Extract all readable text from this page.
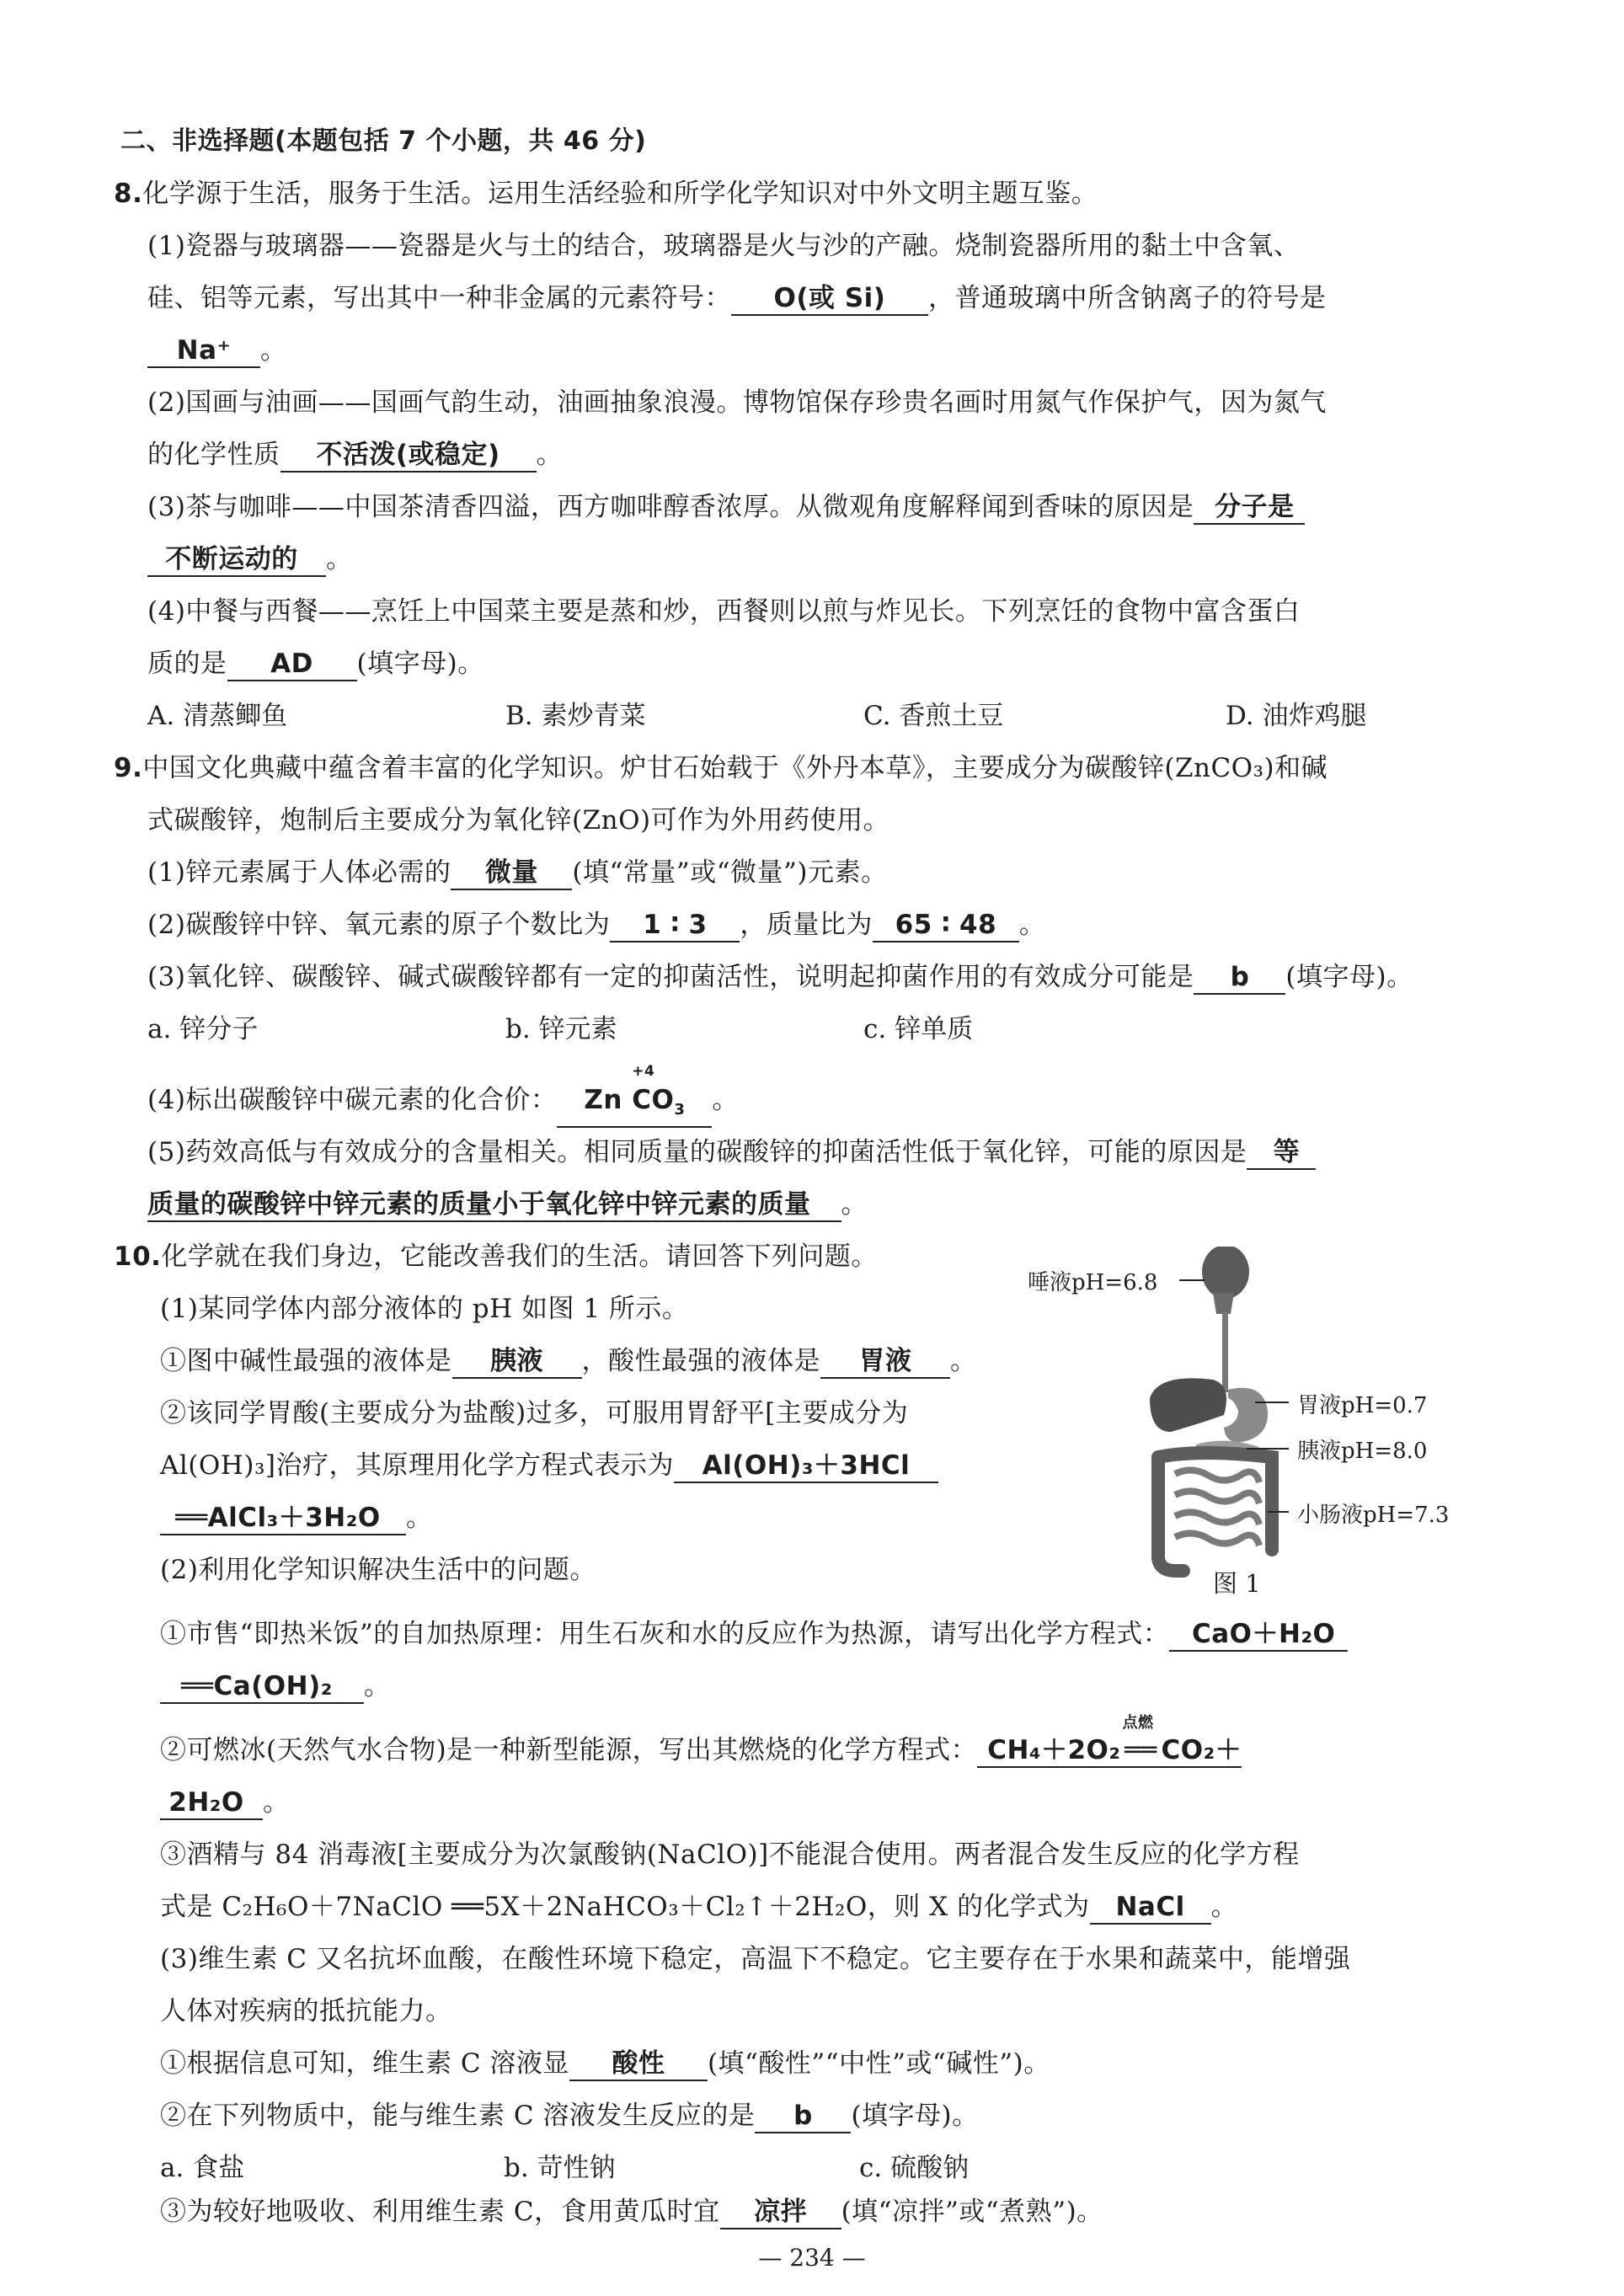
二、非选择题(本题包括 7 个小题，共 46 分)
8.化学源于生活，服务于生活。运用生活经验和所学化学知识对中外文明主题互鉴。
(1)瓷器与玻璃器——瓷器是火与土的结合，玻璃器是火与沙的产融。烧制瓷器所用的黏土中含氧、
硅、铝等元素，写出其中一种非金属的元素符号： O(或 Si) ，普通玻璃中所含钠离子的符号是
Na⁺ 。
(2)国画与油画——国画气韵生动，油画抽象浪漫。博物馆保存珍贵名画时用氮气作保护气，因为氮气
的化学性质 不活泼(或稳定) 。
(3)茶与咖啡——中国茶清香四溢，西方咖啡醇香浓厚。从微观角度解释闻到香味的原因是 分子是
不断运动的 。
(4)中餐与西餐——烹饪上中国菜主要是蒸和炒，西餐则以煎与炸见长。下列烹饪的食物中富含蛋白
质的是 AD (填字母)。
A. 清蒸鲫鱼	B. 素炒青菜	C. 香煎土豆	D. 油炸鸡腿
9.中国文化典藏中蕴含着丰富的化学知识。炉甘石始载于《外丹本草》，主要成分为碳酸锌(ZnCO₃)和碱
式碳酸锌，炮制后主要成分为氧化锌(ZnO)可作为外用药使用。
(1)锌元素属于人体必需的 微量 (填“常量”或“微量”)元素。
(2)碳酸锌中锌、氧元素的原子个数比为 1 ∶ 3 ，质量比为 65 ∶ 48 。
(3)氧化锌、碳酸锌、碱式碳酸锌都有一定的抑菌活性，说明起抑菌作用的有效成分可能是 b (填字母)。
a. 锌分子	b. 锌元素	c. 锌单质
(4)标出碳酸锌中碳元素的化合价： Zn
+4
$CO_3$ 。
(5)药效高低与有效成分的含量相关。相同质量的碳酸锌的抑菌活性低于氧化锌，可能的原因是 等
质量的碳酸锌中锌元素的质量小于氧化锌中锌元素的质量 。
10.化学就在我们身边，它能改善我们的生活。请回答下列问题。
(1)某同学体内部分液体的 pH 如图 1 所示。
①图中碱性最强的液体是 胰液 ，酸性最强的液体是 胃液 。
②该同学胃酸(主要成分为盐酸)过多，可服用胃舒平[主要成分为
Al(OH)₃]治疗，其原理用化学方程式表示为 Al(OH)₃＋3HCl
══AlCl₃＋3H₂O 。
(2)利用化学知识解决生活中的问题。
唾液pH=6.8
胃液pH=0.7
胰液pH=8.0
小肠液pH=7.3
图 1
①市售“即热米饭”的自加热原理：用生石灰和水的反应作为热源，请写出化学方程式： CaO＋H₂O
══Ca(OH)₂ 。
②可燃冰(天然气水合物)是一种新型能源，写出其燃烧的化学方程式： CH₄＋2O₂
点燃
══ CO₂＋
2H₂O 。
③酒精与 84 消毒液[主要成分为次氯酸钠(NaClO)]不能混合使用。两者混合发生反应的化学方程
式是 C₂H₆O＋7NaClO ══5X＋2NaHCO₃＋Cl₂↑＋2H₂O，则 X 的化学式为 NaCl 。
(3)维生素 C 又名抗坏血酸，在酸性环境下稳定，高温下不稳定。它主要存在于水果和蔬菜中，能增强
人体对疾病的抵抗能力。
①根据信息可知，维生素 C 溶液显 酸性 (填“酸性”“中性”或“碱性”)。
②在下列物质中，能与维生素 C 溶液发生反应的是 b (填字母)。
a. 食盐	b. 苛性钠	c. 硫酸钠
③为较好地吸收、利用维生素 C，食用黄瓜时宜 凉拌 (填“凉拌”或“煮熟”)。
— 234 —
